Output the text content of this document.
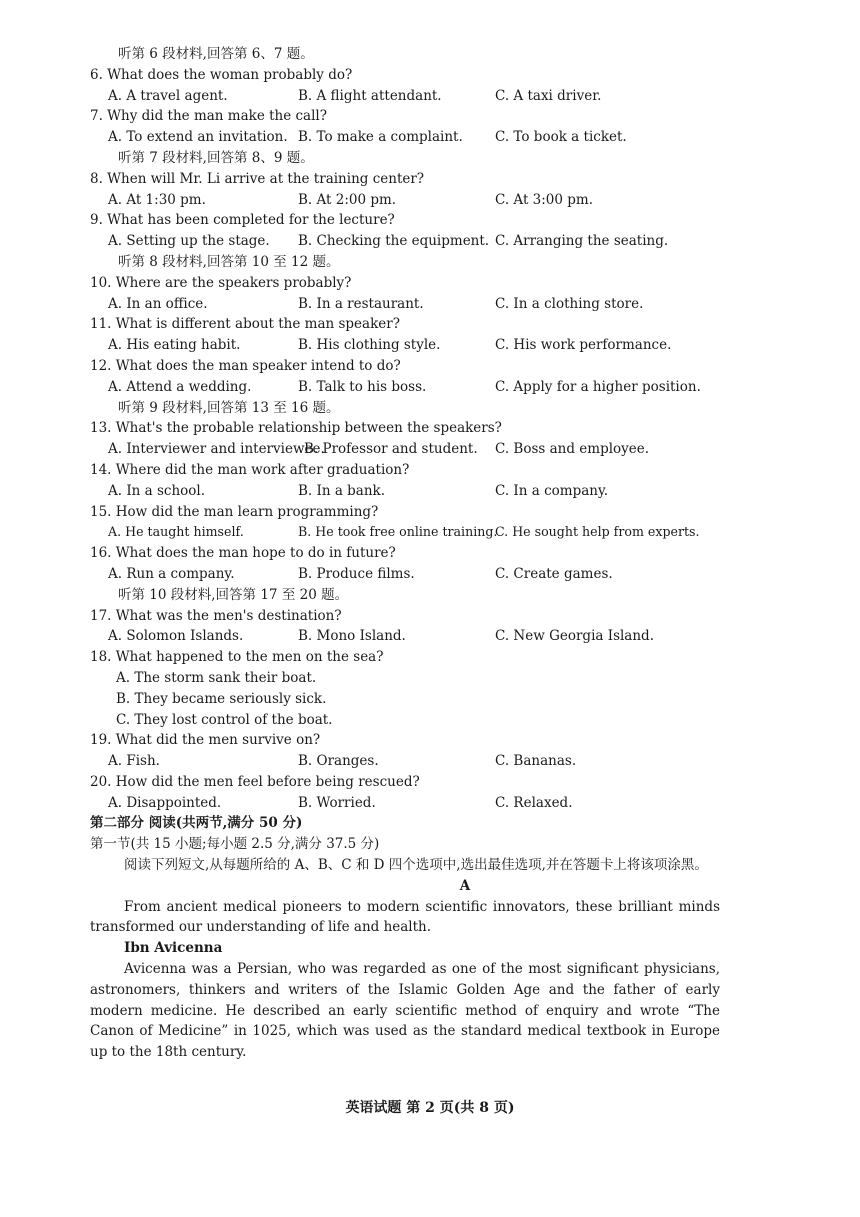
听第 6 段材料,回答第 6、7 题。
6. What does the woman probably do?
A. A travel agent.	B. A flight attendant.	C. A taxi driver.
7. Why did the man make the call?
A. To extend an invitation. B. To make a complaint. C. To book a ticket.
听第 7 段材料,回答第 8、9 题。
8. When will Mr. Li arrive at the training center?
A. At 1:30 pm.	B. At 2:00 pm.	C. At 3:00 pm.
9. What has been completed for the lecture?
A. Setting up the stage. B. Checking the equipment. C. Arranging the seating.
听第 8 段材料,回答第 10 至 12 题。
10. Where are the speakers probably?
A. In an office.	B. In a restaurant.	C. In a clothing store.
11. What is different about the man speaker?
A. His eating habit.	B. His clothing style.	C. His work performance.
12. What does the man speaker intend to do?
A. Attend a wedding.	B. Talk to his boss.	C. Apply for a higher position.
听第 9 段材料,回答第 13 至 16 题。
13. What's the probable relationship between the speakers?
A. Interviewer and interviewee.
B. Professor and student. C. Boss and employee.
14. Where did the man work after graduation?
A. In a school.	B. In a bank.	C. In a company.
15. How did the man learn programming?
A. He taught himself.	B. He took free online training.
C. He sought help from experts.
16. What does the man hope to do in future?
A. Run a company.	B. Produce films.	C. Create games.
听第 10 段材料,回答第 17 至 20 题。
17. What was the men's destination?
A. Solomon Islands.	B. Mono Island.	C. New Georgia Island.
18. What happened to the men on the sea?
A. The storm sank their boat.
B. They became seriously sick.
C. They lost control of the boat.
19. What did the men survive on?
A. Fish.	B. Oranges.	C. Bananas.
20. How did the men feel before being rescued?
A. Disappointed.	B. Worried.	C. Relaxed.
第二部分 阅读(共两节,满分 50 分)
第一节(共 15 小题;每小题 2.5 分,满分 37.5 分)
阅读下列短文,从每题所给的 A、B、C 和 D 四个选项中,选出最佳选项,并在答题卡上将该项涂黑。
A
From ancient medical pioneers to modern scientific innovators, these brilliant minds transformed our understanding of life and health.
Ibn Avicenna
Avicenna was a Persian, who was regarded as one of the most significant physicians, astronomers, thinkers and writers of the Islamic Golden Age and the father of early modern medicine. He described an early scientific method of enquiry and wrote “The Canon of Medicine” in 1025, which was used as the standard medical textbook in Europe up to the 18th century.
英语试题 第 2 页(共 8 页)
